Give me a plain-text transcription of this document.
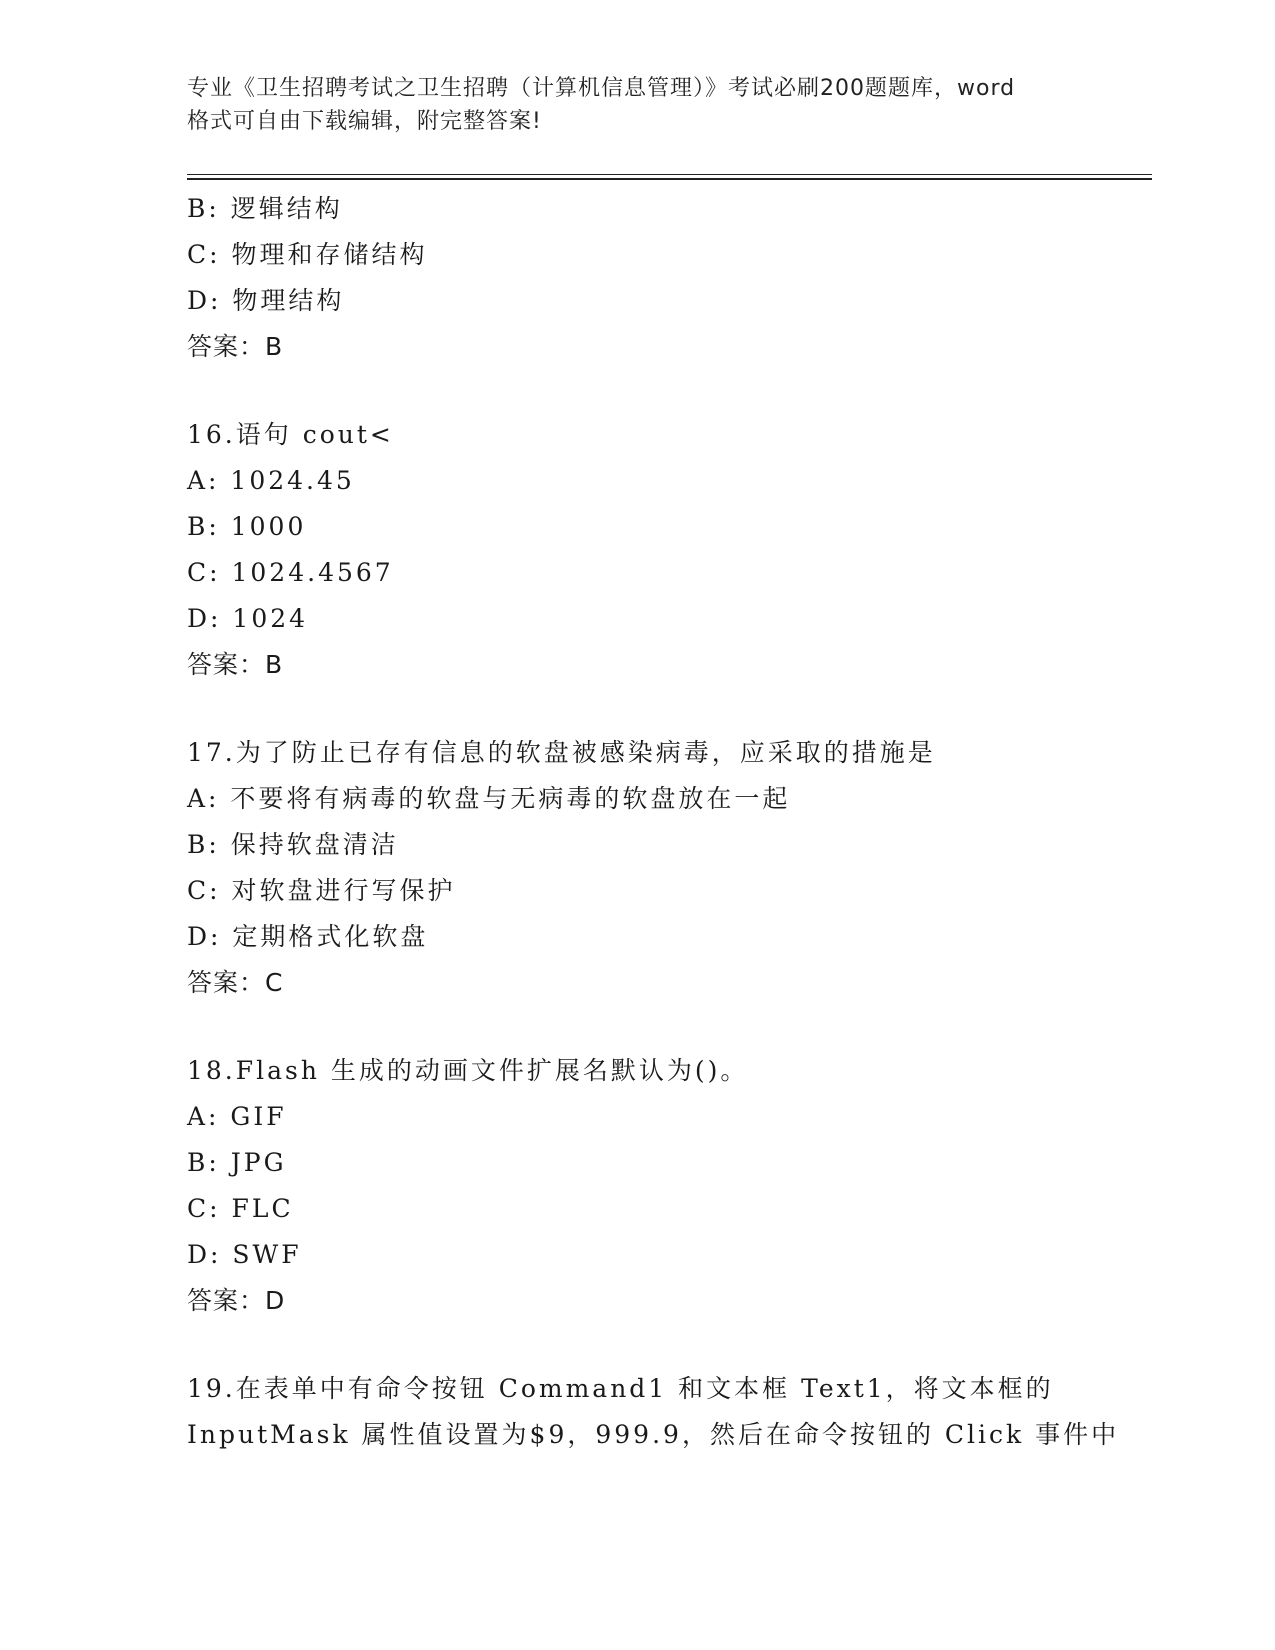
专业《卫生招聘考试之卫生招聘（计算机信息管理）》考试必刷200题题库，word
格式可自由下载编辑，附完整答案!
B: 逻辑结构
C: 物理和存储结构
D: 物理结构
答案：B
16.语句 cout<
A: 1024.45
B: 1000
C: 1024.4567
D: 1024
答案：B
17.为了防止已存有信息的软盘被感染病毒，应采取的措施是
A: 不要将有病毒的软盘与无病毒的软盘放在一起
B: 保持软盘清洁
C: 对软盘进行写保护
D: 定期格式化软盘
答案：C
18.Flash 生成的动画文件扩展名默认为()。
A: GIF
B: JPG
C: FLC
D: SWF
答案：D
19.在表单中有命令按钮 Command1 和文本框 Text1，将文本框的
InputMask 属性值设置为$9，999.9，然后在命令按钮的 Click 事件中
